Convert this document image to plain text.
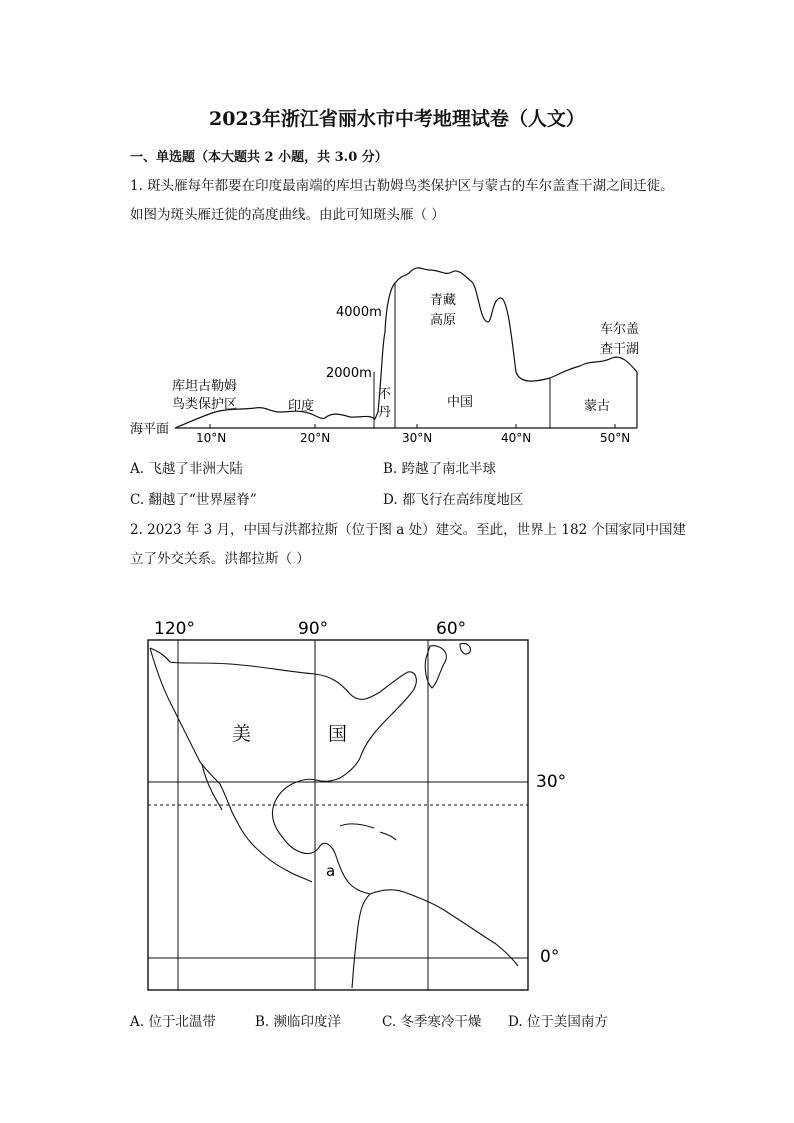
2023年浙江省丽水市中考地理试卷（人文）
一、单选题（本大题共 2 小题，共 3.0 分）
1. 斑头雁每年都要在印度最南端的库坦古勒姆鸟类保护区与蒙古的车尔盖查干湖之间迁徙。
如图为斑头雁迁徙的高度曲线。由此可知斑头雁（ ）
4000m
2000m
海平面
10°N	20°N	30°N	40°N	50°N
库坦古勒姆
鸟类保护区	印度
不
丹
青藏
高原
中国	蒙古
车尔盖
查干湖
A. 飞越了非洲大陆	B. 跨越了南北半球
C. 翻越了“世界屋脊”	D. 都飞行在高纬度地区
2. 2023 年 3 月，中国与洪都拉斯（位于图 a 处）建交。至此，世界上 182 个国家同中国建
立了外交关系。洪都拉斯（ ）
120°	90°	60°
30°
0°
美	国
a
A. 位于北温带	B. 濒临印度洋	C. 冬季寒冷干燥 D. 位于美国南方
